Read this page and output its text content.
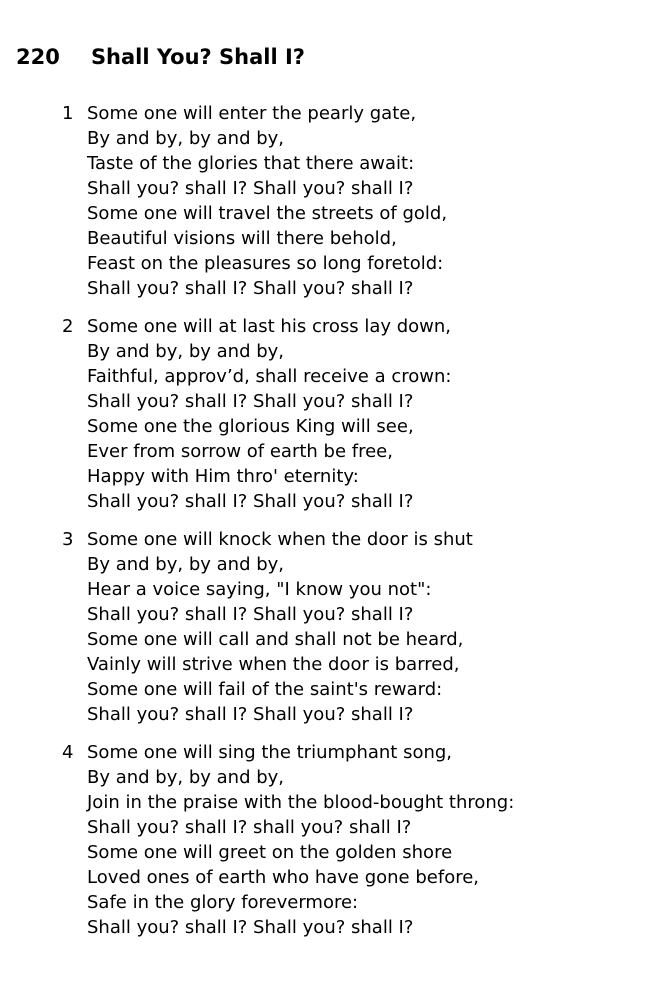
220 Shall You? Shall I?
1 Some one will enter the pearly gate,
By and by, by and by,
Taste of the glories that there await:
Shall you? shall I? Shall you? shall I?
Some one will travel the streets of gold,
Beautiful visions will there behold,
Feast on the pleasures so long foretold:
Shall you? shall I? Shall you? shall I?
2 Some one will at last his cross lay down,
By and by, by and by,
Faithful, approv’d, shall receive a crown:
Shall you? shall I? Shall you? shall I?
Some one the glorious King will see,
Ever from sorrow of earth be free,
Happy with Him thro' eternity:
Shall you? shall I? Shall you? shall I?
3 Some one will knock when the door is shut
By and by, by and by,
Hear a voice saying, "I know you not":
Shall you? shall I? Shall you? shall I?
Some one will call and shall not be heard,
Vainly will strive when the door is barred,
Some one will fail of the saint's reward:
Shall you? shall I? Shall you? shall I?
4 Some one will sing the triumphant song,
By and by, by and by,
Join in the praise with the blood-bought throng:
Shall you? shall I? shall you? shall I?
Some one will greet on the golden shore
Loved ones of earth who have gone before,
Safe in the glory forevermore:
Shall you? shall I? Shall you? shall I?
